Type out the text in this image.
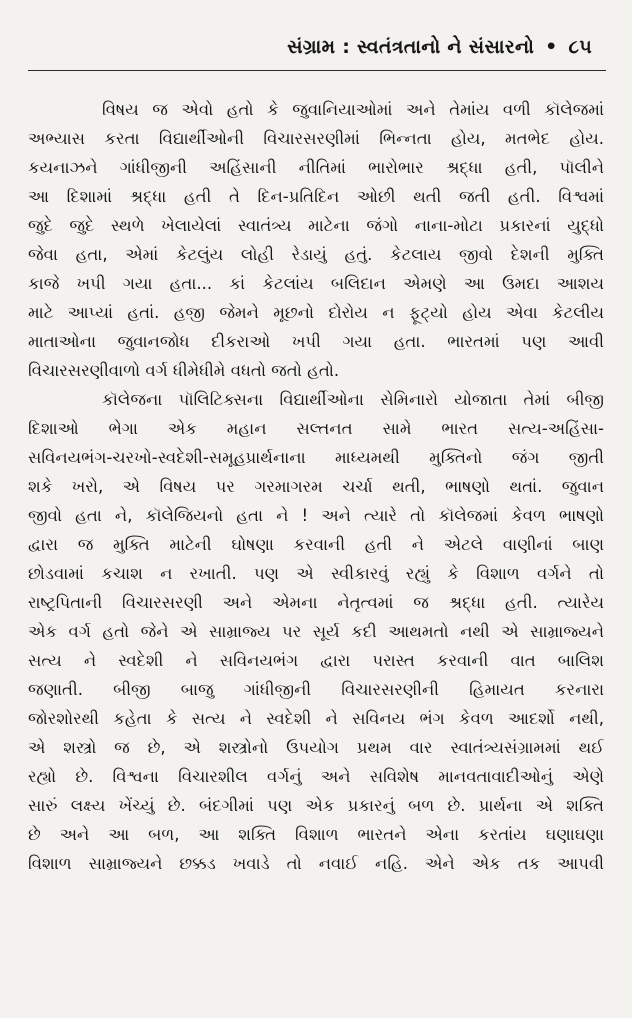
સંગ્રામ : સ્વતંત્રતાનો ને સંસારનો • ૮૫

વિષય જ એવો હતો કે જુવાનિયાઓમાં અને તેમાંય વળી કૉલેજમાં
અભ્યાસ કરતા વિદ્યાર્થીઓની વિચારસરણીમાં ભિન્નતા હોય, મતભેદ હોય.
કયનાઝને ગાંધીજીની અહિંસાની નીતિમાં ભારોભાર શ્રદ્ધા હતી, પૉલીને
આ દિશામાં શ્રદ્ધા હતી તે દિન-પ્રતિદિન ઓછી થતી જતી હતી. વિશ્વમાં
જુદે જુદે સ્થળે ખેલાયેલાં સ્વાતંત્ર્ય માટેના જંગો નાના-મોટા પ્રકારનાં યુદ્ધો
જેવા હતા, એમાં કેટલુંય લોહી રેડાયું હતું. કેટલાય જીવો દેશની મુક્તિ
કાજે ખપી ગયા હતા... કાં કેટલાંય બલિદાન એમણે આ ઉમદા આશય
માટે આપ્યાં હતાં. હજી જેમને મૂછનો દોરોય ન ફૂટ્યો હોય એવા કેટલીય
માતાઓના જુવાનજોધ દીકરાઓ ખપી ગયા હતા. ભારતમાં પણ આવી
વિચારસરણીવાળો વર્ગ ધીમેધીમે વધતો જતો હતો.

કૉલેજના પૉલિટિક્સના વિદ્યાર્થીઓના સેમિનારો યોજાતા તેમાં બીજી
દિશાઓ ભેગા એક મહાન સલ્તનત સામે ભારત સત્ય-અહિંસા-
સવિનયભંગ-ચરખો-સ્વદેશી-સમૂહપ્રાર્થનાના માધ્યમથી મુક્તિનો જંગ જીતી
શકે ખરો, એ વિષય પર ગરમાગરમ ચર્ચા થતી, ભાષણો થતાં. જુવાન
જીવો હતા ને, કૉલેજિયનો હતા ને ! અને ત્યારે તો કૉલેજમાં કેવળ ભાષણો
દ્વારા જ મુક્તિ માટેની ઘોષણા કરવાની હતી ને એટલે વાણીનાં બાણ
છોડવામાં કચાશ ન રખાતી. પણ એ સ્વીકારવું રહ્યું કે વિશાળ વર્ગને તો
રાષ્ટ્રપિતાની વિચારસરણી અને એમના નેતૃત્વમાં જ શ્રદ્ધા હતી. ત્યારેય
એક વર્ગ હતો જેને એ સામ્રાજ્ય પર સૂર્ય કદી આથમતો નથી એ સામ્રાજ્યને
સત્ય ને સ્વદેશી ને સવિનયભંગ દ્વારા પરાસ્ત કરવાની વાત બાલિશ
જણાતી. બીજી બાજુ ગાંધીજીની વિચારસરણીની હિમાયત કરનારા
જોરશોરથી કહેતા કે સત્ય ને સ્વદેશી ને સવિનય ભંગ કેવળ આદર્શો નથી,
એ શસ્ત્રો જ છે, એ શસ્ત્રોનો ઉપયોગ પ્રથમ વાર સ્વાતંત્ર્યસંગ્રામમાં થઈ
રહ્યો છે. વિશ્વના વિચારશીલ વર્ગનું અને સવિશેષ માનવતાવાદીઓનું એણે
સારું લક્ષ્ય ખેંચ્યું છે. બંદગીમાં પણ એક પ્રકારનું બળ છે. પ્રાર્થના એ શક્તિ
છે અને આ બળ, આ શક્તિ વિશાળ ભારતને એના કરતાંય ઘણાઘણા
વિશાળ સામ્રાજ્યને છક્કડ ખવાડે તો નવાઈ નહિ. એને એક તક આપવી
